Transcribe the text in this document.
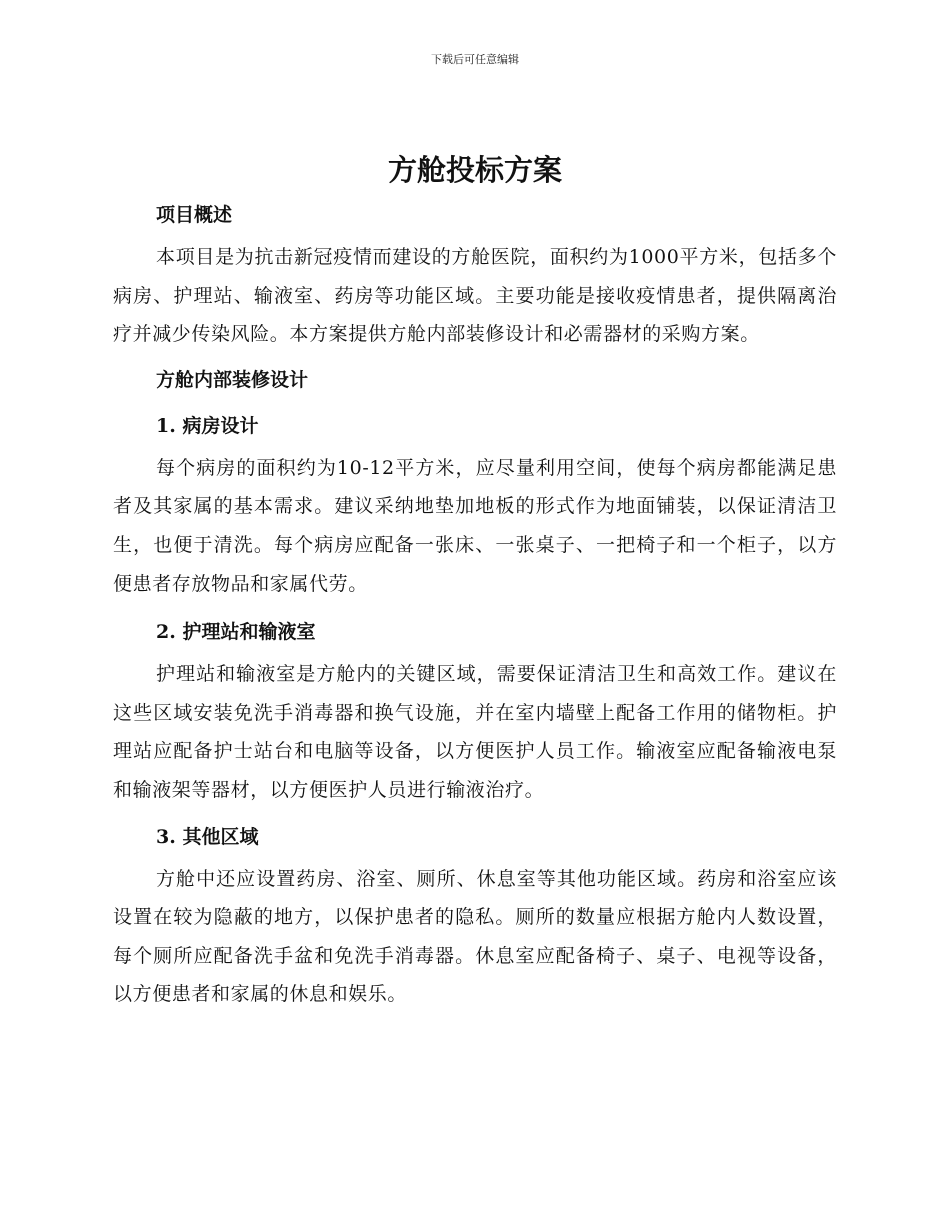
下载后可任意编辑
方舱投标方案
项目概述

本项目是为抗击新冠疫情而建设的方舱医院，面积约为1000平方米，包括多个病房、护理站、输液室、药房等功能区域。主要功能是接收疫情患者，提供隔离治疗并减少传染风险。本方案提供方舱内部装修设计和必需器材的采购方案。

方舱内部装修设计
1. 病房设计

每个病房的面积约为10-12平方米，应尽量利用空间，使每个病房都能满足患者及其家属的基本需求。建议采纳地垫加地板的形式作为地面铺装，以保证清洁卫生，也便于清洗。每个病房应配备一张床、一张桌子、一把椅子和一个柜子，以方便患者存放物品和家属代劳。

2. 护理站和输液室

护理站和输液室是方舱内的关键区域，需要保证清洁卫生和高效工作。建议在这些区域安装免洗手消毒器和换气设施，并在室内墙壁上配备工作用的储物柜。护理站应配备护士站台和电脑等设备，以方便医护人员工作。输液室应配备输液电泵和输液架等器材，以方便医护人员进行输液治疗。

3. 其他区域

方舱中还应设置药房、浴室、厕所、休息室等其他功能区域。药房和浴室应该设置在较为隐蔽的地方，以保护患者的隐私。厕所的数量应根据方舱内人数设置，每个厕所应配备洗手盆和免洗手消毒器。休息室应配备椅子、桌子、电视等设备，以方便患者和家属的休息和娱乐。
